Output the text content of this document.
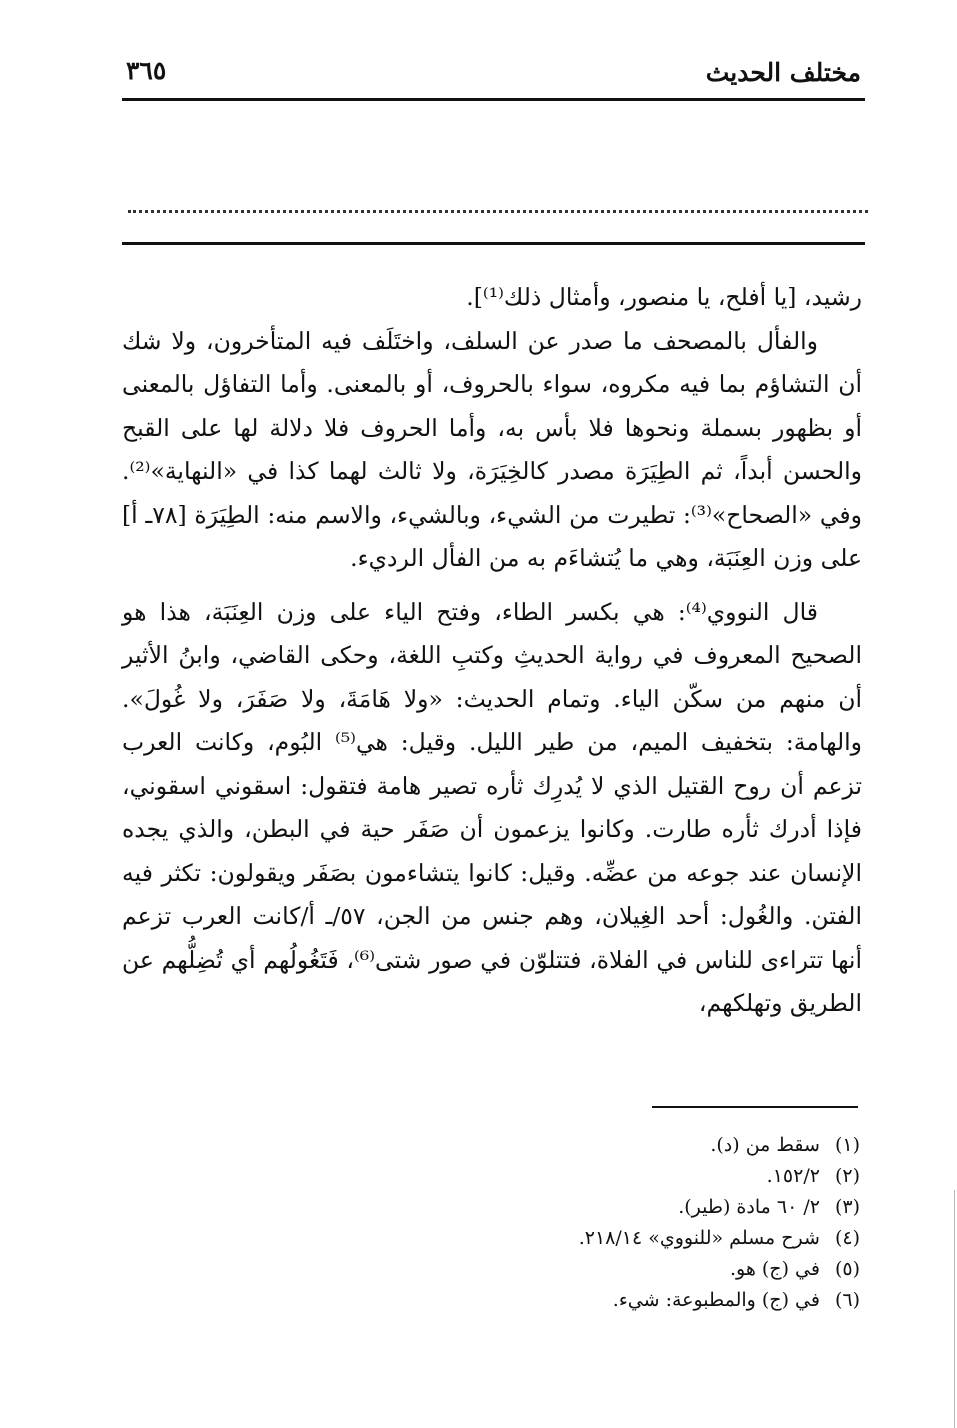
مختلف الحديث
٣٦٥

رشيد، [يا أفلح، يا منصور، وأمثال ذلك⁽¹⁾].

والفأل بالمصحف ما صدر عن السلف، واختَلَف فيه المتأخرون، ولا شك أن التشاؤم بما فيه مكروه، سواء بالحروف، أو بالمعنى. وأما التفاؤل بالمعنى أو بظهور بسملة ونحوها فلا بأس به، وأما الحروف فلا دلالة لها على القبح والحسن أبداً، ثم الطِيَرَة مصدر كالخِيَرَة، ولا ثالث لهما كذا في «النهاية»⁽²⁾. وفي «الصحاح»⁽³⁾: تطيرت من الشيء، وبالشيء، والاسم منه: الطِيَرَة [٧٨ـ أ] على وزن العِنَبَة، وهي ما يُتشاءَم به من الفأل الرديء.

قال النووي⁽⁴⁾: هي بكسر الطاء، وفتح الياء على وزن العِنَبَة، هذا هو الصحيح المعروف في رواية الحديثِ وكتبِ اللغة، وحكى القاضي، وابنُ الأثير أن منهم من سكّن الياء. وتمام الحديث: «ولا هَامَةَ، ولا صَفَرَ، ولا غُولَ». والهامة: بتخفيف الميم، من طير الليل. وقيل: هي⁽⁵⁾ البُوم، وكانت العرب تزعم أن روح القتيل الذي لا يُدرِك ثأره تصير هامة فتقول: اسقوني اسقوني، فإذا أدرك ثأره طارت. وكانوا يزعمون أن صَفَر حية في البطن، والذي يجده الإنسان عند جوعه من عضِّه. وقيل: كانوا يتشاءمون بصَفَر ويقولون: تكثر فيه الفتن. والغُول: أحد الغِيلان، وهم جنس من الجن، ٥٧/ـ أ/كانت العرب تزعم أنها تتراءى للناس في الفلاة، فتتلوّن في صور شتى⁽⁶⁾، فَتَغُولُهم أي تُضِلُّهم عن الطريق وتهلكهم،

(١) سقط من (د).
(٢) ١٥٢/٢.
(٣) ٢/ ٦٠ مادة (طير).
(٤) شرح مسلم «للنووي» ٢١٨/١٤.
(٥) في (ج) هو.
(٦) في (ج) والمطبوعة: شيء.
